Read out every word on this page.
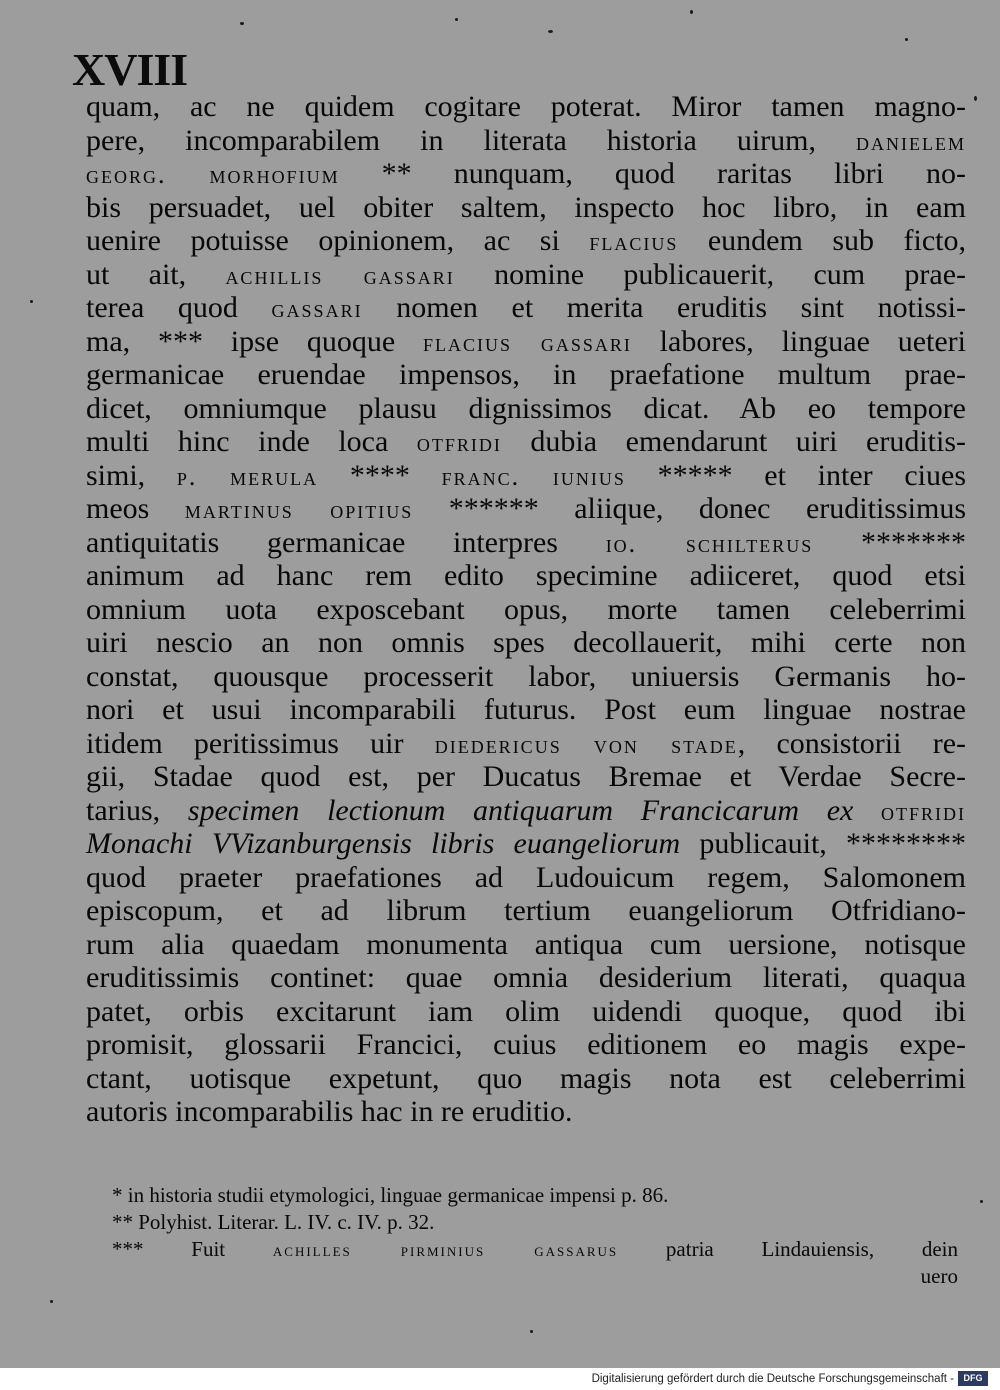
XVIII
quam, ac ne quidem cogitare poterat. Miror tamen magno-
pere, incomparabilem in literata historia uirum, danielem
georg. morhofium ** nunquam, quod raritas libri no-
bis persuadet, uel obiter saltem, inspecto hoc libro, in eam
uenire potuisse opinionem, ac si flacius eundem sub ficto,
ut ait, achillis gassari nomine publicauerit, cum prae-
terea quod gassari nomen et merita eruditis sint notissi-
ma, *** ipse quoque flacius gassari labores, linguae ueteri
germanicae eruendae impensos, in praefatione multum prae-
dicet, omniumque plausu dignissimos dicat. Ab eo tempore
multi hinc inde loca otfridi dubia emendarunt uiri eruditis-
simi, p. merula **** franc. iunius ***** et inter ciues
meos martinus opitius ****** aliique, donec eruditissimus
antiquitatis germanicae interpres io. schilterus *******
animum ad hanc rem edito specimine adiiceret, quod etsi
omnium uota exposcebant opus, morte tamen celeberrimi
uiri nescio an non omnis spes decollauerit, mihi certe non
constat, quousque processerit labor, uniuersis Germanis ho-
nori et usui incomparabili futurus. Post eum linguae nostrae
itidem peritissimus uir diedericus von stade, consistorii re-
gii, Stadae quod est, per Ducatus Bremae et Verdae Secre-
tarius, specimen lectionum antiquarum Francicarum ex otfridi
Monachi VVizanburgensis libris euangeliorum publicauit, ********
quod praeter praefationes ad Ludouicum regem, Salomonem
episcopum, et ad librum tertium euangeliorum Otfridiano-
rum alia quaedam monumenta antiqua cum uersione, notisque
eruditissimis continet: quae omnia desiderium literati, quaqua
patet, orbis excitarunt iam olim uidendi quoque, quod ibi
promisit, glossarii Francici, cuius editionem eo magis expe-
ctant, uotisque expetunt, quo magis nota est celeberrimi
autoris incomparabilis hac in re eruditio.
* in historia studii etymologici, linguae germanicae impensi p. 86.
** Polyhist. Literar. L. IV. c. IV. p. 32.
*** Fuit achilles pirminius gassarus patria Lindauiensis, dein
uero
Digitalisierung gefördert durch die Deutsche Forschungsgemeinschaft -	DFG
